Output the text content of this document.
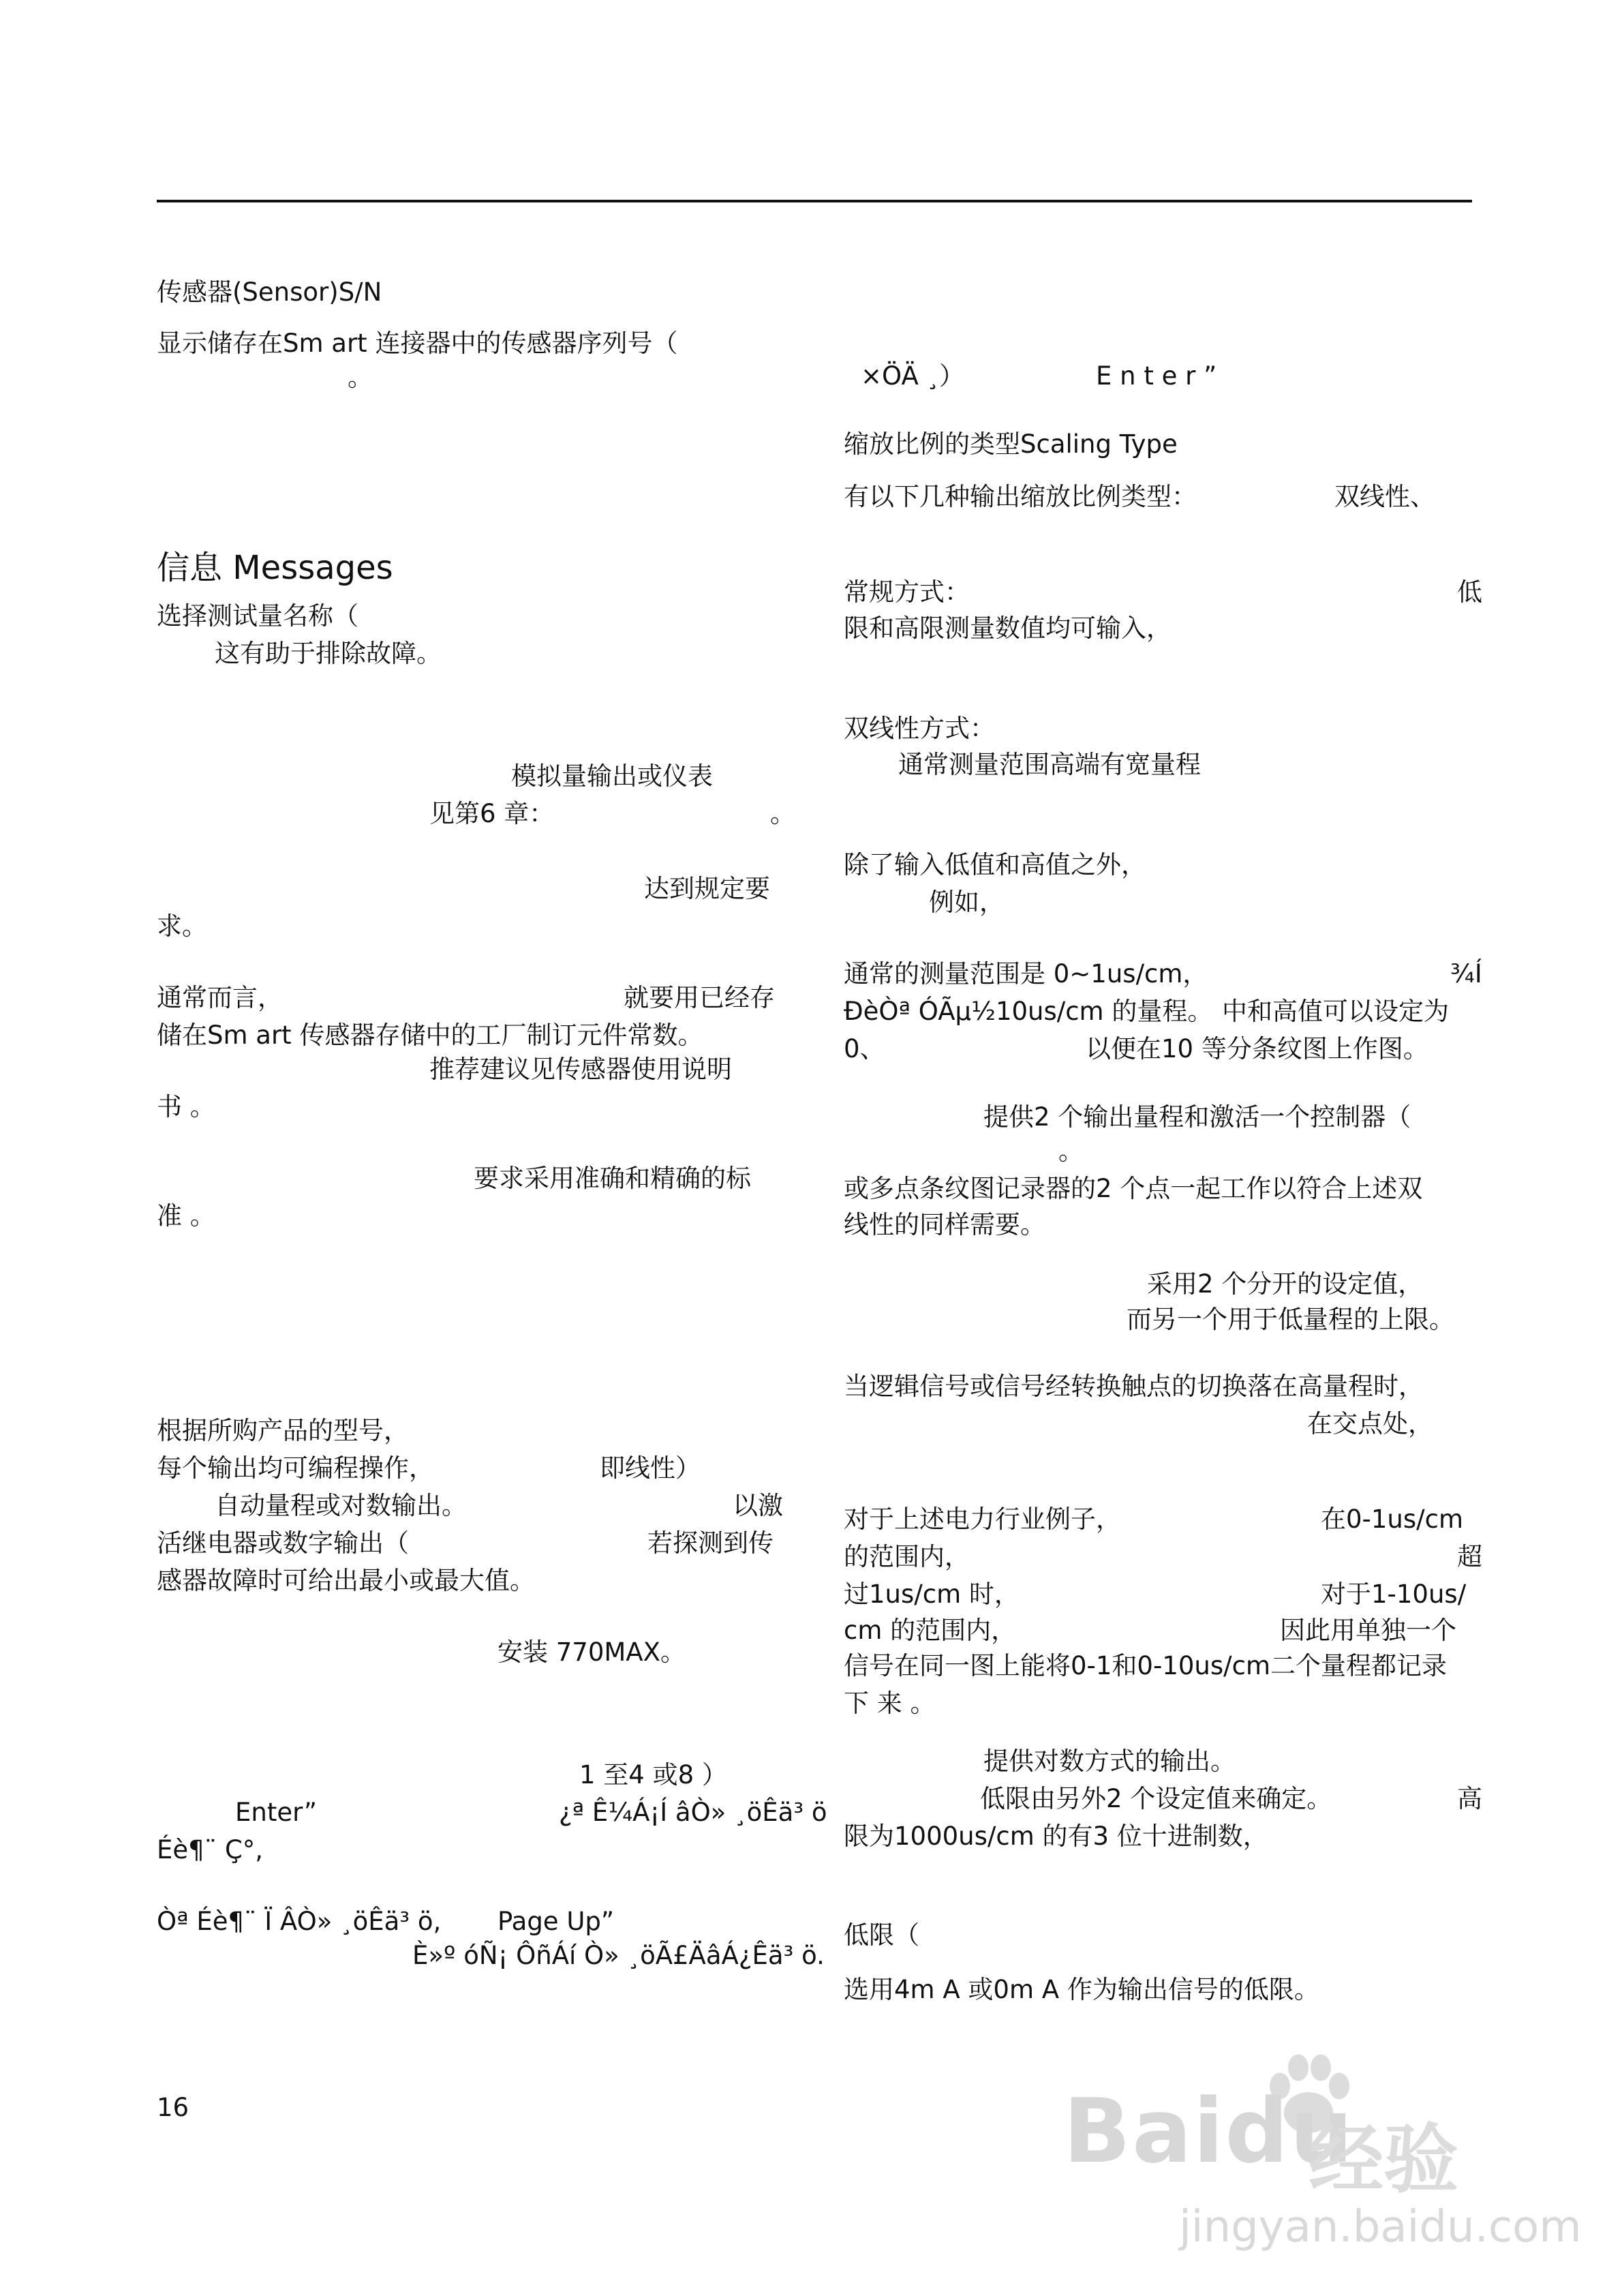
传感器(Sensor)S/N
显示储存在Sm art 连接器中的传感器序列号（
。
信息 Messages
选择测试量名称（
这有助于排除故障。
模拟量输出或仪表
见第6 章：	。
达到规定要
求。
通常而言，	就要用已经存
储在Sm art 传感器存储中的工厂制订元件常数。
推荐建议见传感器使用说明
书 。
要求采用准确和精确的标
准 。
根据所购产品的型号，
每个输出均可编程操作，	即线性）
自动量程或对数输出。	以激
活继电器或数字输出（	若探测到传
感器故障时可给出最小或最大值。
安装 770MAX。
1 至4 或8 ）
Enter”	¿ª Ê¼Á¡Í âÒ» ¸öÊä³ ö
Éè¶¨ Ç°,
Òª Éè¶¨ Ï ÂÒ» ¸öÊä³ ö, Page Up”
È»º óÑ¡ ÔñÁí Ò» ¸öÃ£ÄâÁ¿Êä³ ö.
×ÖÄ ¸）	E n t e r ”
缩放比例的类型Scaling Type
有以下几种输出缩放比例类型：	双线性、
常规方式：	低
限和高限测量数值均可输入，
双线性方式：
通常测量范围高端有宽量程
除了输入低值和高值之外，
例如，
通常的测量范围是 0~1us/cm，	¾Í
ÐèÒª ÓÃµ½10us/cm 的量程。 中和高值可以设定为
0、	以便在10 等分条纹图上作图。
提供2 个输出量程和激活一个控制器（
。
或多点条纹图记录器的2 个点一起工作以符合上述双
线性的同样需要。
采用2 个分开的设定值，
而另一个用于低量程的上限。
当逻辑信号或信号经转换触点的切换落在高量程时，
在交点处，
对于上述电力行业例子，	在0-1us/cm
的范围内，	超
过1us/cm 时，	对于1-10us/
cm 的范围内，	因此用单独一个
信号在同一图上能将0-1和0-10us/cm二个量程都记录
下 来 。
提供对数方式的输出。
低限由另外2 个设定值来确定。	高
限为1000us/cm 的有3 位十进制数，
低限（
选用4m A 或0m A 作为输出信号的低限。
16	Baidu
经验
jingyan.baidu.com
